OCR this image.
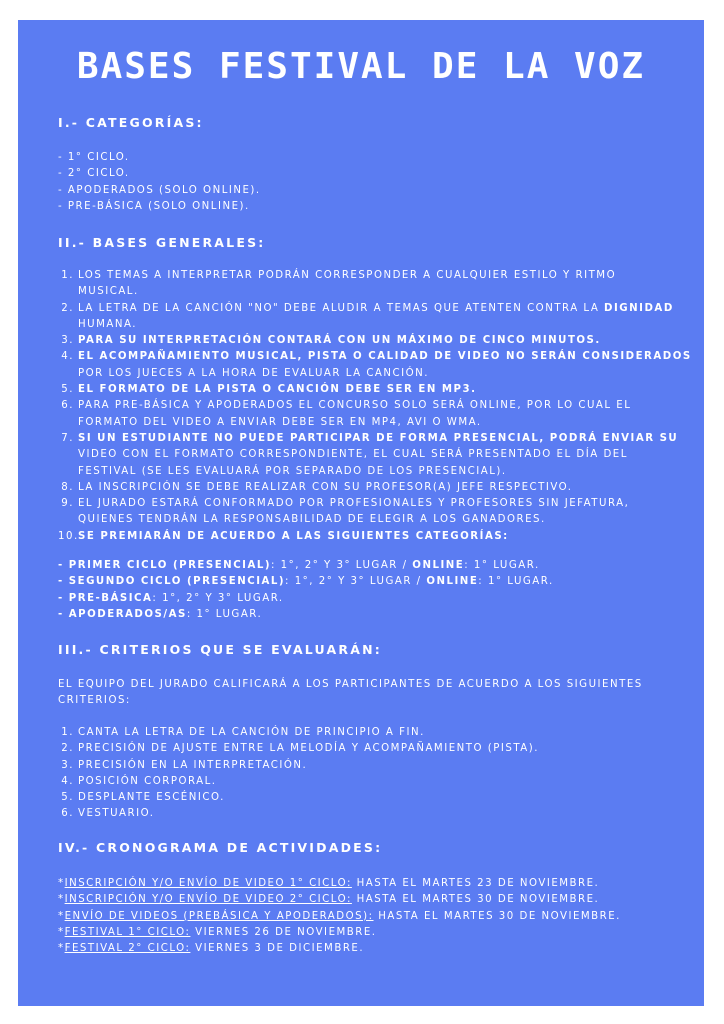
BASES FESTIVAL DE LA VOZ
I.- CATEGORÍAS:
- 1° CICLO.
- 2° CICLO.
- APODERADOS (SOLO ONLINE).
- PRE-BÁSICA (SOLO ONLINE).
II.- BASES GENERALES:
1. LOS TEMAS A INTERPRETAR PODRÁN CORRESPONDER A CUALQUIER ESTILO Y RITMO
MUSICAL.
2. LA LETRA DE LA CANCIÓN "NO" DEBE ALUDIR A TEMAS QUE ATENTEN CONTRA LA DIGNIDAD
HUMANA.
3. PARA SU INTERPRETACIÓN CONTARÁ CON UN MÁXIMO DE CINCO MINUTOS.
4. EL ACOMPAÑAMIENTO MUSICAL, PISTA O CALIDAD DE VIDEO NO SERÁN CONSIDERADOS
POR LOS JUECES A LA HORA DE EVALUAR LA CANCIÓN.
5. EL FORMATO DE LA PISTA O CANCIÓN DEBE SER EN MP3.
6. PARA PRE-BÁSICA Y APODERADOS EL CONCURSO SOLO SERÁ ONLINE, POR LO CUAL EL
FORMATO DEL VIDEO A ENVIAR DEBE SER EN MP4, AVI O WMA.
7. SI UN ESTUDIANTE NO PUEDE PARTICIPAR DE FORMA PRESENCIAL, PODRÁ ENVIAR SU
VIDEO CON EL FORMATO CORRESPONDIENTE, EL CUAL SERÁ PRESENTADO EL DÍA DEL
FESTIVAL (SE LES EVALUARÁ POR SEPARADO DE LOS PRESENCIAL).
8. LA INSCRIPCIÓN SE DEBE REALIZAR CON SU PROFESOR(A) JEFE RESPECTIVO.
9. EL JURADO ESTARÁ CONFORMADO POR PROFESIONALES Y PROFESORES SIN JEFATURA,
QUIENES TENDRÁN LA RESPONSABILIDAD DE ELEGIR A LOS GANADORES.
10. SE PREMIARÁN DE ACUERDO A LAS SIGUIENTES CATEGORÍAS:
- PRIMER CICLO (PRESENCIAL): 1°, 2° Y 3° LUGAR / ONLINE: 1° LUGAR.
- SEGUNDO CICLO (PRESENCIAL): 1°, 2° Y 3° LUGAR / ONLINE: 1° LUGAR.
- PRE-BÁSICA: 1°, 2° Y 3° LUGAR.
- APODERADOS/AS: 1° LUGAR.
III.- CRITERIOS QUE SE EVALUARÁN:
EL EQUIPO DEL JURADO CALIFICARÁ A LOS PARTICIPANTES DE ACUERDO A LOS SIGUIENTES
CRITERIOS:
1. CANTA LA LETRA DE LA CANCIÓN DE PRINCIPIO A FIN.
2. PRECISIÓN DE AJUSTE ENTRE LA MELODÍA Y ACOMPAÑAMIENTO (PISTA).
3. PRECISIÓN EN LA INTERPRETACIÓN.
4. POSICIÓN CORPORAL.
5. DESPLANTE ESCÉNICO.
6. VESTUARIO.
IV.- CRONOGRAMA DE ACTIVIDADES:
*INSCRIPCIÓN Y/O ENVÍO DE VIDEO 1° CICLO: HASTA EL MARTES 23 DE NOVIEMBRE.
*INSCRIPCIÓN Y/O ENVÍO DE VIDEO 2° CICLO: HASTA EL MARTES 30 DE NOVIEMBRE.
*ENVÍO DE VIDEOS (PREBÁSICA Y APODERADOS): HASTA EL MARTES 30 DE NOVIEMBRE.
*FESTIVAL 1° CICLO: VIERNES 26 DE NOVIEMBRE.
*FESTIVAL 2° CICLO: VIERNES 3 DE DICIEMBRE.
